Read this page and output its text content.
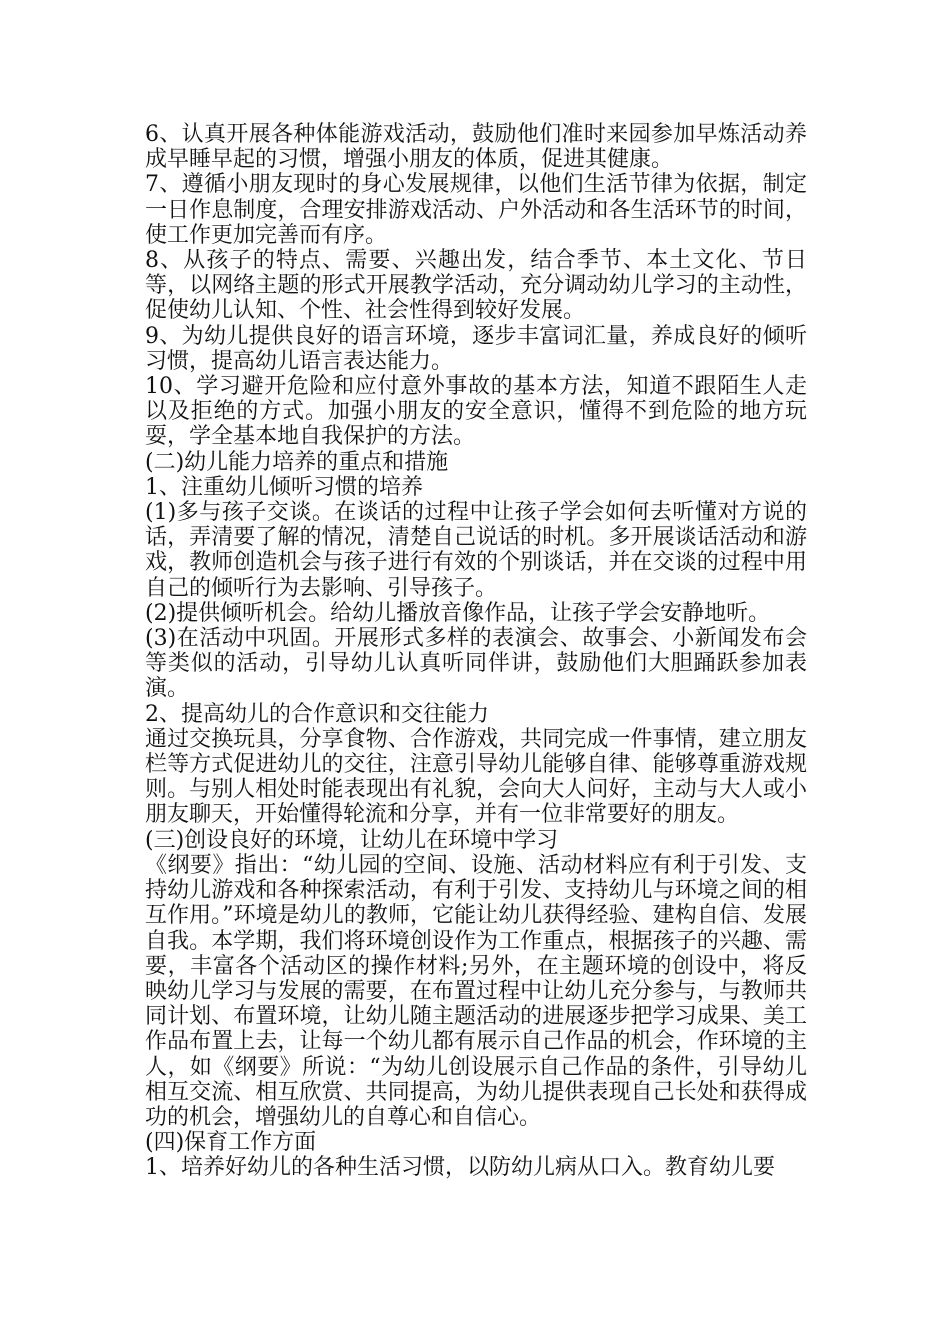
6、认真开展各种体能游戏活动，鼓励他们准时来园参加早炼活动养成早睡早起的习惯，增强小朋友的体质，促进其健康。

7、遵循小朋友现时的身心发展规律，以他们生活节律为依据，制定一日作息制度，合理安排游戏活动、户外活动和各生活环节的时间，使工作更加完善而有序。

8、从孩子的特点、需要、兴趣出发，结合季节、本土文化、节日等，以网络主题的形式开展教学活动，充分调动幼儿学习的主动性，促使幼儿认知、个性、社会性得到较好发展。

9、为幼儿提供良好的语言环境，逐步丰富词汇量，养成良好的倾听习惯，提高幼儿语言表达能力。

10、学习避开危险和应付意外事故的基本方法，知道不跟陌生人走以及拒绝的方式。加强小朋友的安全意识，懂得不到危险的地方玩耍，学全基本地自我保护的方法。

(二)幼儿能力培养的重点和措施

1、注重幼儿倾听习惯的培养

(1)多与孩子交谈。在谈话的过程中让孩子学会如何去听懂对方说的话，弄清要了解的情况，清楚自己说话的时机。多开展谈话活动和游戏，教师创造机会与孩子进行有效的个别谈话，并在交谈的过程中用自己的倾听行为去影响、引导孩子。

(2)提供倾听机会。给幼儿播放音像作品，让孩子学会安静地听。

(3)在活动中巩固。开展形式多样的表演会、故事会、小新闻发布会等类似的活动，引导幼儿认真听同伴讲，鼓励他们大胆踊跃参加表演。

2、提高幼儿的合作意识和交往能力

通过交换玩具，分享食物、合作游戏，共同完成一件事情，建立朋友栏等方式促进幼儿的交往，注意引导幼儿能够自律、能够尊重游戏规则。与别人相处时能表现出有礼貌，会向大人问好，主动与大人或小朋友聊天，开始懂得轮流和分享，并有一位非常要好的朋友。

(三)创设良好的环境，让幼儿在环境中学习

《纲要》指出：“幼儿园的空间、设施、活动材料应有利于引发、支持幼儿游戏和各种探索活动，有利于引发、支持幼儿与环境之间的相互作用。”环境是幼儿的教师，它能让幼儿获得经验、建构自信、发展自我。本学期，我们将环境创设作为工作重点，根据孩子的兴趣、需要，丰富各个活动区的操作材料;另外，在主题环境的创设中，将反映幼儿学习与发展的需要，在布置过程中让幼儿充分参与，与教师共同计划、布置环境，让幼儿随主题活动的进展逐步把学习成果、美工作品布置上去，让每一个幼儿都有展示自己作品的机会，作环境的主人，如《纲要》所说：“为幼儿创设展示自己作品的条件，引导幼儿相互交流、相互欣赏、共同提高，为幼儿提供表现自己长处和获得成功的机会，增强幼儿的自尊心和自信心。

(四)保育工作方面

1、培养好幼儿的各种生活习惯，以防幼儿病从口入。教育幼儿要
